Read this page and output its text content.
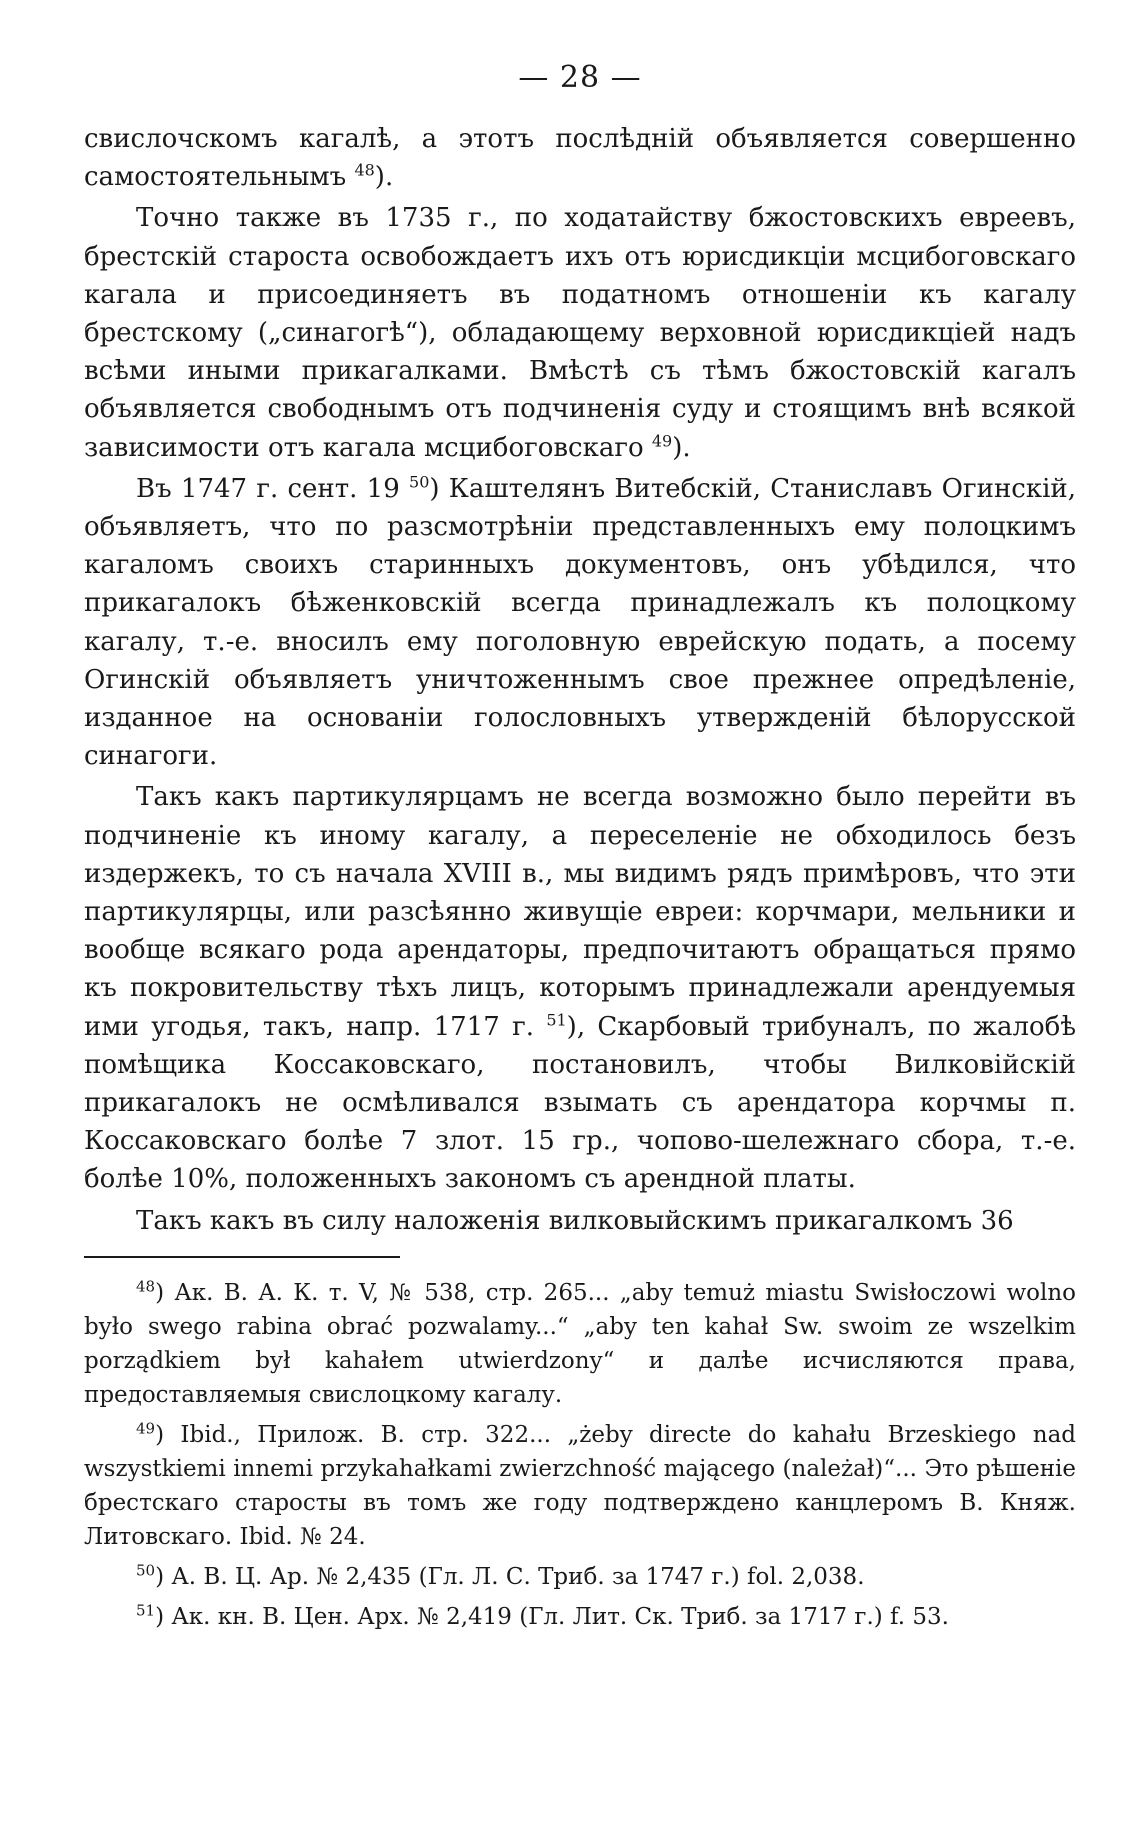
— 28 —

свислочскомъ кагалѣ, а этотъ послѣдній объявляется совершенно самостоятельнымъ $^{48}$).

Точно также въ 1735 г., по ходатайству бжостовскихъ евреевъ, брестскій староста освобождаетъ ихъ отъ юрисдикціи мсцибоговскаго кагала и присоединяетъ въ податномъ отношеніи къ кагалу брестскому („синагогѣ“), обладающему верховной юрисдикціей надъ всѣми иными прикагалками. Вмѣстѣ съ тѣмъ бжостовскій кагалъ объявляется свободнымъ отъ подчиненія суду и стоящимъ внѣ всякой зависимости отъ кагала мсцибоговскаго $^{49}$).

Въ 1747 г. сент. 19 $^{50}$) Каштелянъ Витебскій, Станиславъ Огинскій, объявляетъ, что по разсмотрѣніи представленныхъ ему полоцкимъ кагаломъ своихъ старинныхъ документовъ, онъ убѣдился, что прикагалокъ бѣженковскій всегда принадлежалъ къ полоцкому кагалу, т.-е. вносилъ ему поголовную еврейскую подать, а посему Огинскій объявляетъ уничтоженнымъ свое прежнее опредѣленіе, изданное на основаніи голословныхъ утвержденій бѣлорусской синагоги.

Такъ какъ партикулярцамъ не всегда возможно было перейти въ подчиненіе къ иному кагалу, а переселеніе не обходилось безъ издержекъ, то съ начала XVIII в., мы видимъ рядъ примѣровъ, что эти партикулярцы, или разсѣянно живущіе евреи: корчмари, мельники и вообще всякаго рода арендаторы, предпочитаютъ обращаться прямо къ покровительству тѣхъ лицъ, которымъ принадлежали арендуемыя ими угодья, такъ, напр. 1717 г. $^{51}$), Скарбовый трибуналъ, по жалобѣ помѣщика Коссаковскаго, постановилъ, чтобы Вилковійскій прикагалокъ не осмѣливался взымать съ арендатора корчмы п. Коссаковскаго болѣе 7 злот. 15 гр., чопово-шележнаго сбора, т.-е. болѣе 10%, положенныхъ закономъ съ арендной платы.

Такъ какъ въ силу наложенія вилковыйскимъ прикагалкомъ 36

$^{48}$) Ак. В. А. К. т. V, № 538, стр. 265... „aby temuż miastu Swisłoczowi wolno było swego rabina obrać pozwalamy...“ „aby ten kahał Sw. swoim ze wszelkim porządkiem był kahałem utwierdzony“ и далѣе исчисляются права, предоставляемыя свислоцкому кагалу.

$^{49}$) Ibid., Прилож. В. стр. 322... „żeby directe do kahału Brzeskiego nad wszystkiemi innemi przykahałkami zwierzchność mającego (należał)“... Это рѣшеніе брестскаго старосты въ томъ же году подтверждено канцлеромъ В. Княж. Литовскаго. Ibid. № 24.

$^{50}$) А. В. Ц. Ар. № 2,435 (Гл. Л. С. Триб. за 1747 г.) fol. 2,038.

$^{51}$) Ак. кн. В. Цен. Арх. № 2,419 (Гл. Лит. Ск. Триб. за 1717 г.) f. 53.
